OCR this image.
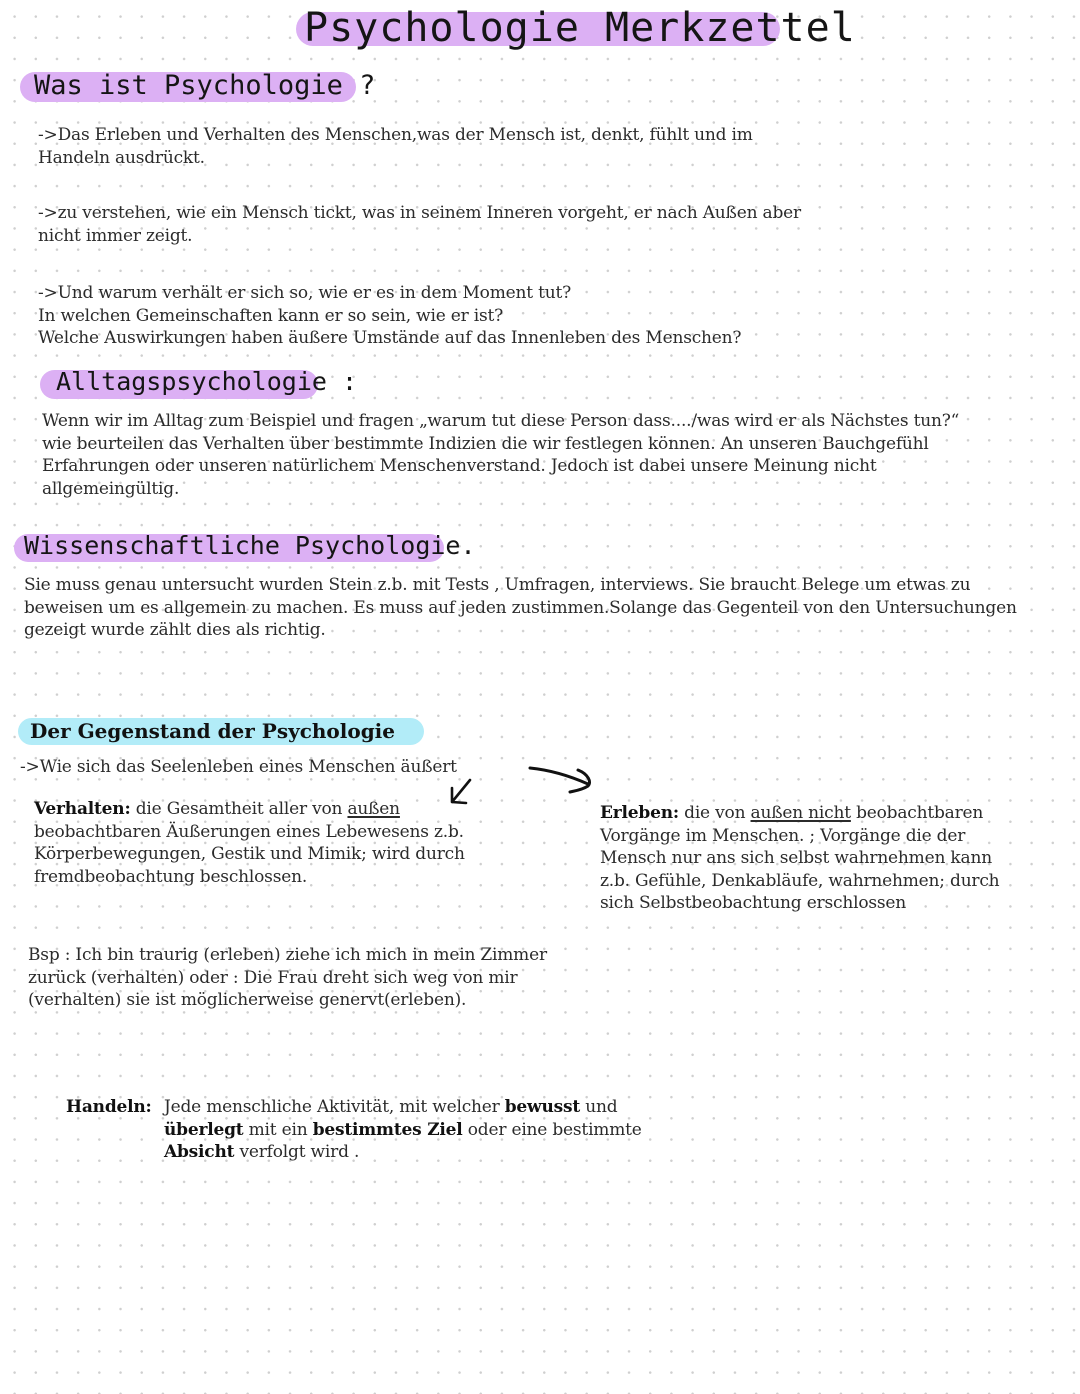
Psychologie Merkzettel
Was ist Psychologie ?

->Das Erleben und Verhalten des Menschen,was der Mensch ist, denkt, fühlt und im Handeln ausdrückt.

->zu verstehen, wie ein Mensch tickt, was in seinem Inneren vorgeht, er nach Außen aber nicht immer zeigt.

->Und warum verhält er sich so, wie er es in dem Moment tut?

In welchen Gemeinschaften kann er so sein, wie er ist?

Welche Auswirkungen haben äußere Umstände auf das Innenleben des Menschen?

Alltagspsychologie :

Wenn wir im Alltag zum Beispiel und fragen „warum tut diese Person dass..../was wird er als Nächstes tun?“ wie beurteilen das Verhalten über bestimmte Indizien die wir festlegen können. An unseren Bauchgefühl Erfahrungen oder unseren natürlichem Menschenverstand. Jedoch ist dabei unsere Meinung nicht allgemeingültig.

Wissenschaftliche Psychologie.

Sie muss genau untersucht wurden Stein z.b. mit Tests , Umfragen, interviews. Sie braucht Belege um etwas zu beweisen um es allgemein zu machen. Es muss auf jeden zustimmen.Solange das Gegenteil von den Untersuchungen gezeigt wurde zählt dies als richtig.

Der Gegenstand der Psychologie

->Wie sich das Seelenleben eines Menschen äußert

Verhalten: die Gesamtheit aller von außen beobachtbaren Äußerungen eines Lebewesens z.b. Körperbewegungen, Gestik und Mimik; wird durch fremdbeobachtung beschlossen.

Erleben: die von außen nicht beobachtbaren Vorgänge im Menschen. ; Vorgänge die der Mensch nur ans sich selbst wahrnehmen kann z.b. Gefühle, Denkabläufe, wahrnehmen; durch sich Selbstbeobachtung erschlossen

Bsp : Ich bin traurig (erleben) ziehe ich mich in mein Zimmer zurück (verhalten) oder : Die Frau dreht sich weg von mir (verhalten) sie ist möglicherweise genervt(erleben).

Handeln: Jede menschliche Aktivität, mit welcher bewusst und überlegt mit ein bestimmtes Ziel oder eine bestimmte Absicht verfolgt wird .
